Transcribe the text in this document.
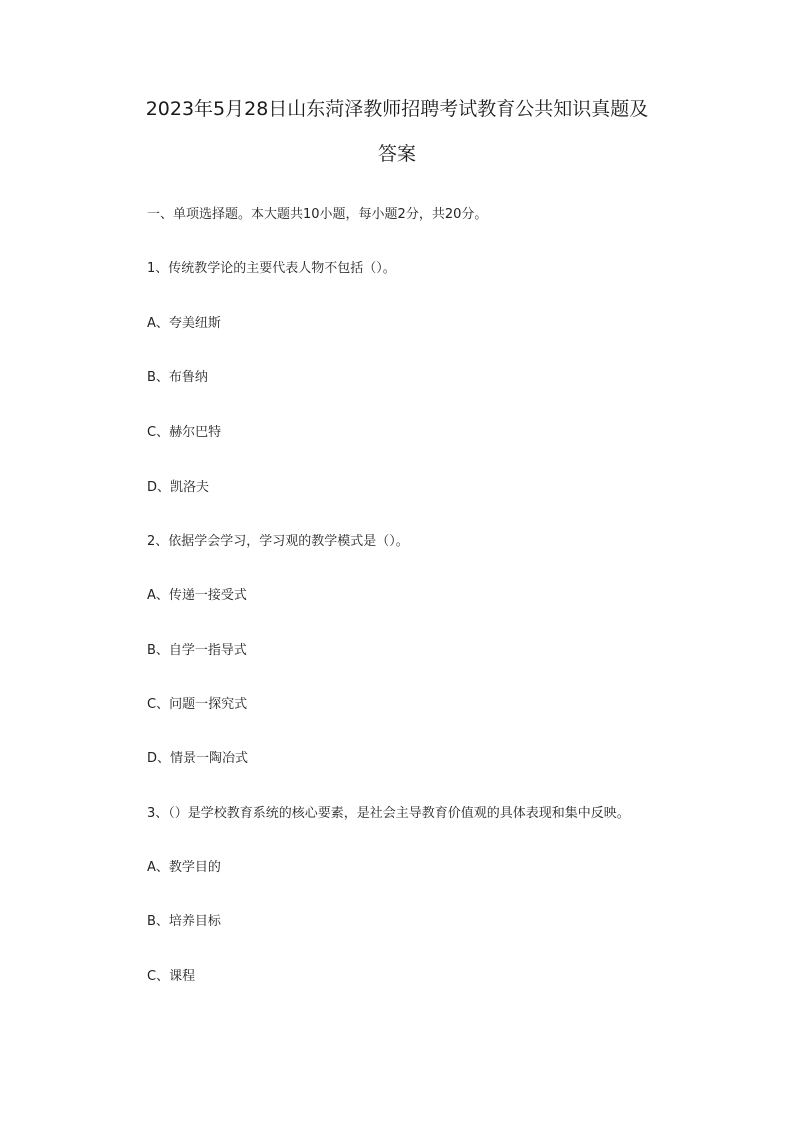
2023年5月28日山东菏泽教师招聘考试教育公共知识真题及
答案
一、单项选择题。本大题共10小题，每小题2分，共20分。
1、传统教学论的主要代表人物不包括（）。
A、夸美纽斯
B、布鲁纳
C、赫尔巴特
D、凯洛夫
2、依据学会学习，学习观的教学模式是（）。
A、传递一接受式
B、自学一指导式
C、问题一探究式
D、情景一陶冶式
3、（）是学校教育系统的核心要素，是社会主导教育价值观的具体表现和集中反映。
A、教学目的
B、培养目标
C、课程
